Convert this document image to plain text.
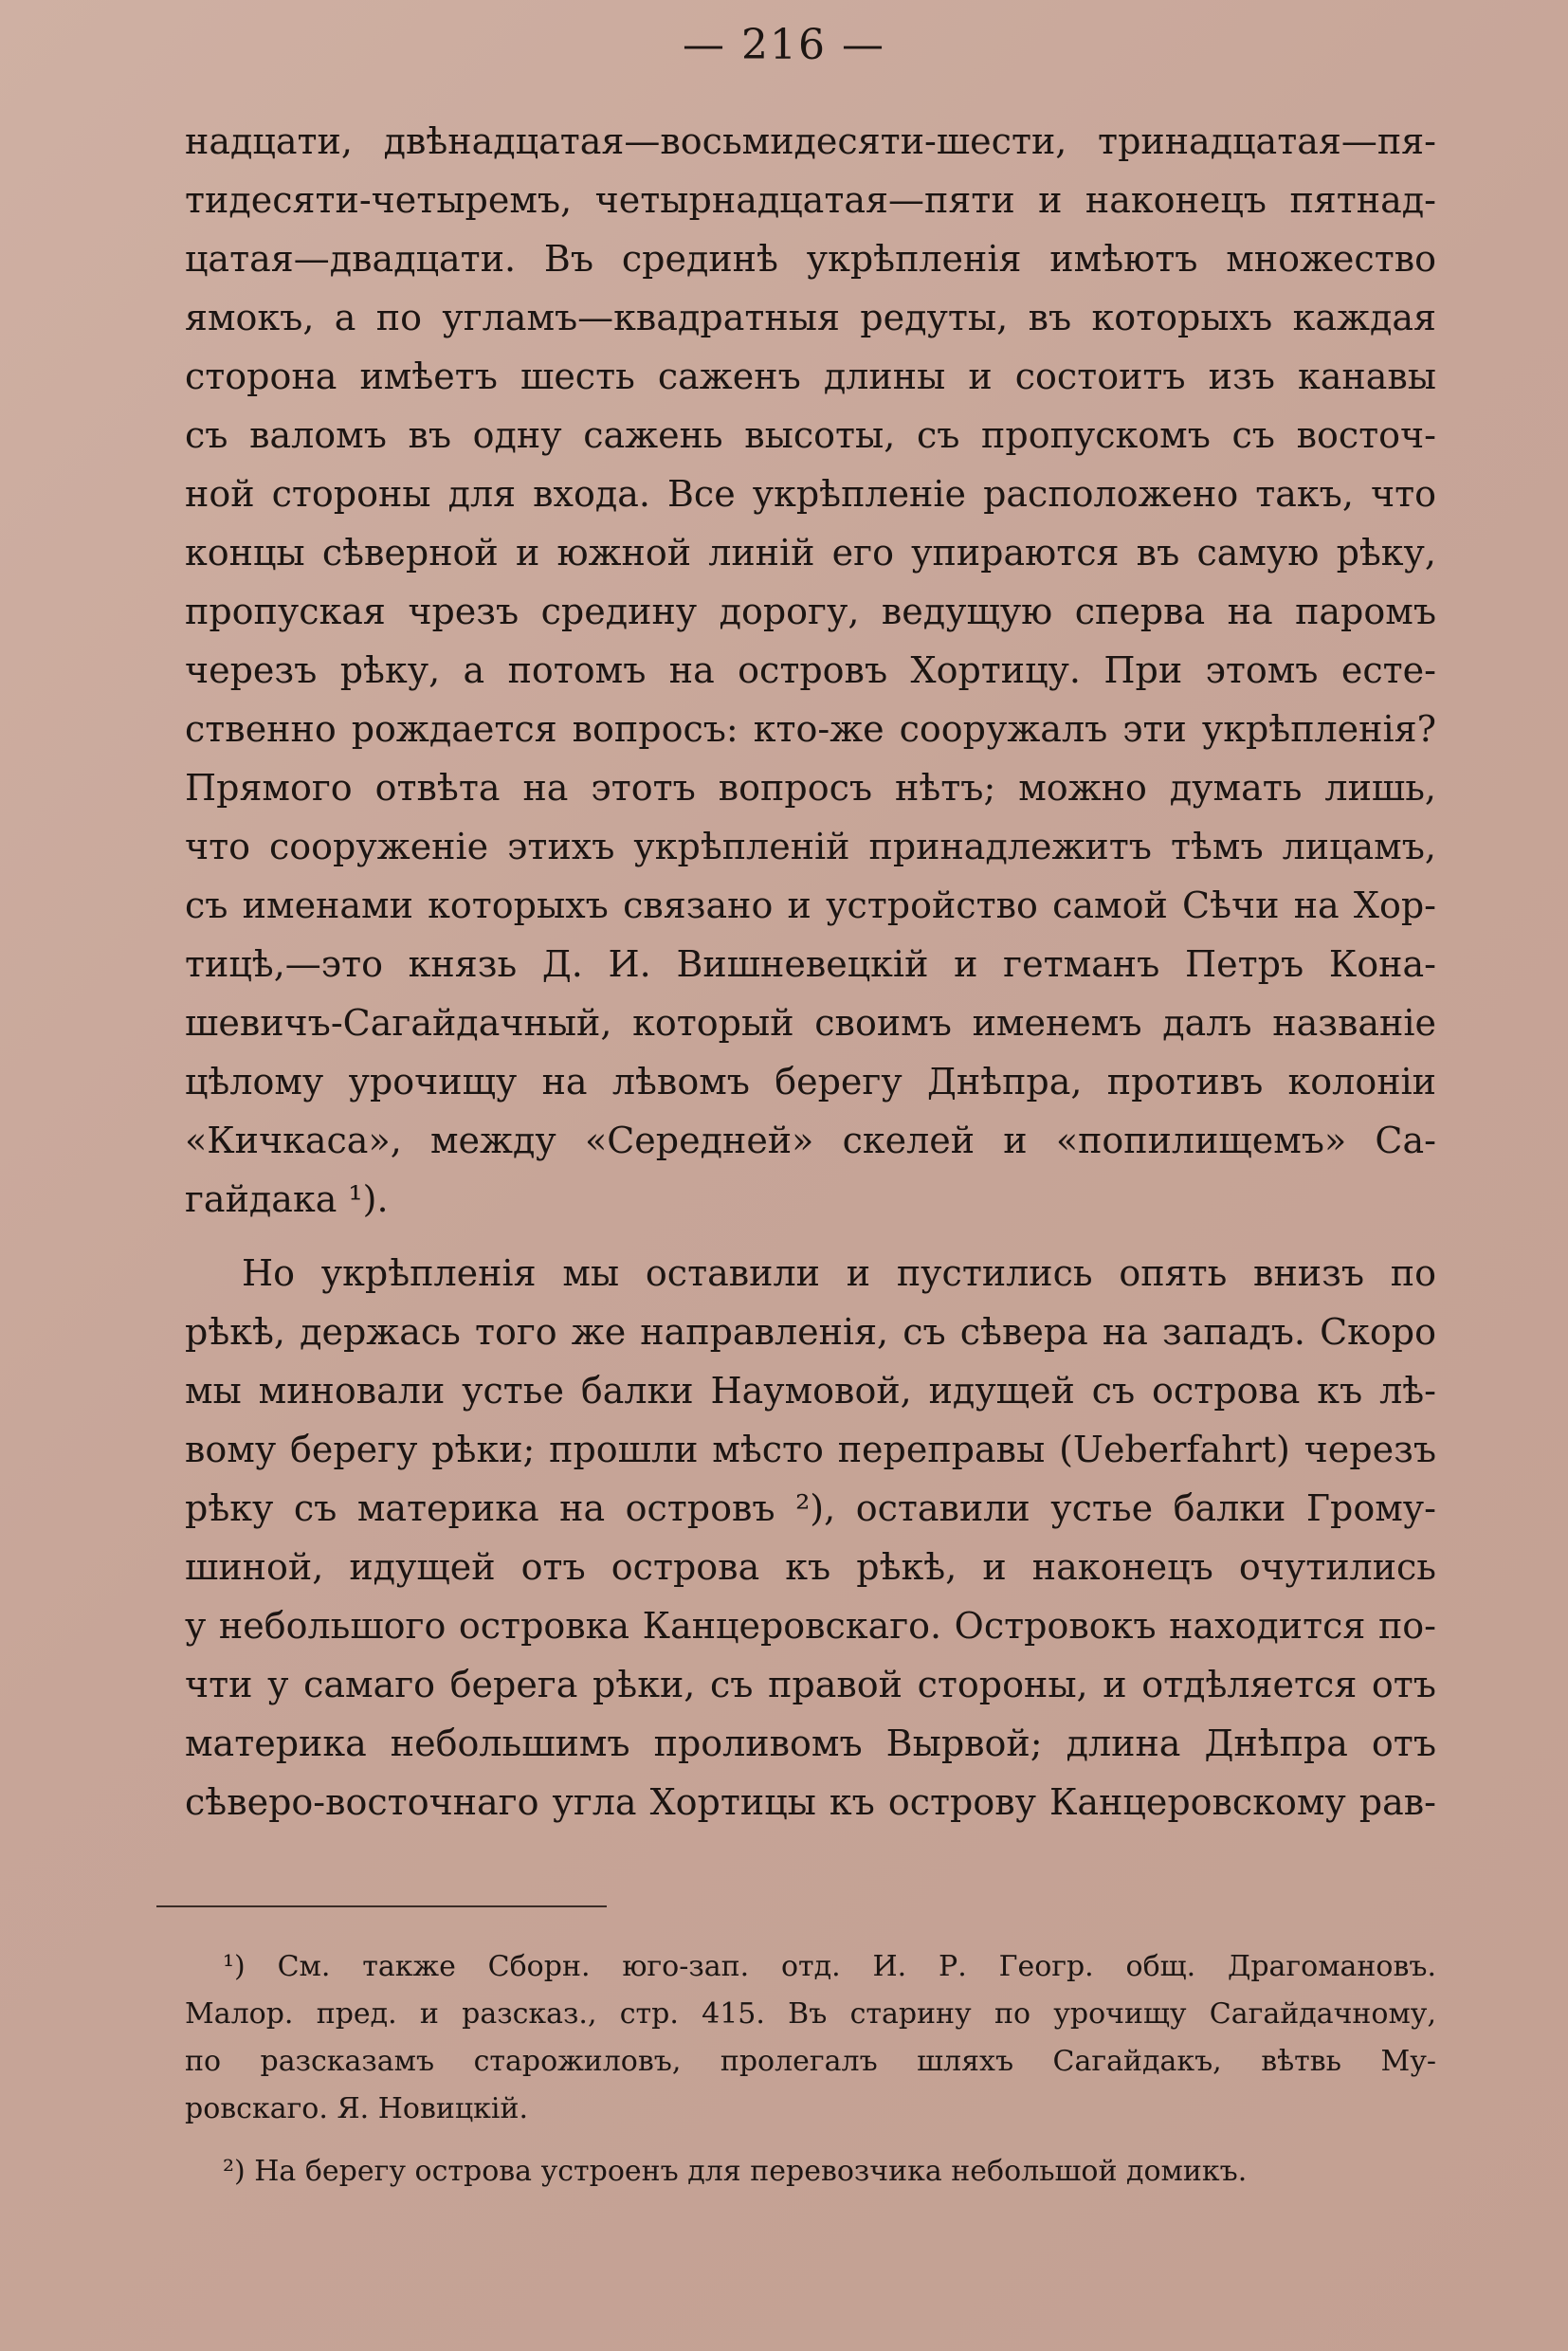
— 216 —
надцати, двѣнадцатая—восьмидесяти-шести, тринадцатая—пя-
тидесяти-четыремъ, четырнадцатая—пяти и наконецъ пятнад-
цатая—двадцати. Въ срединѣ укрѣпленія имѣютъ множество
ямокъ, а по угламъ—квадратныя редуты, въ которыхъ каждая
сторона имѣетъ шесть саженъ длины и состоитъ изъ канавы
съ валомъ въ одну сажень высоты, съ пропускомъ съ восточ-
ной стороны для входа. Все укрѣпленіе расположено такъ, что
концы сѣверной и южной линій его упираются въ самую рѣку,
пропуская чрезъ средину дорогу, ведущую сперва на паромъ
черезъ рѣку, а потомъ на островъ Хортицу. При этомъ есте-
ственно рождается вопросъ: кто-же сооружалъ эти укрѣпленія?
Прямого отвѣта на этотъ вопросъ нѣтъ; можно думать лишь,
что сооруженіе этихъ укрѣпленій принадлежитъ тѣмъ лицамъ,
съ именами которыхъ связано и устройство самой Сѣчи на Хор-
тицѣ,—это князь Д. И. Вишневецкій и гетманъ Петръ Кона-
шевичъ-Сагайдачный, который своимъ именемъ далъ названіе
цѣлому урочищу на лѣвомъ берегу Днѣпра, противъ колоніи
«Кичкаса», между «Середней» скелей и «попилищемъ» Са-
гайдака ¹).
Но укрѣпленія мы оставили и пустились опять внизъ по
рѣкѣ, держась того же направленія, съ сѣвера на западъ. Скоро
мы миновали устье балки Наумовой, идущей съ острова къ лѣ-
вому берегу рѣки; прошли мѣсто переправы (Ueberfahrt) черезъ
рѣку съ материка на островъ ²), оставили устье балки Грому-
шиной, идущей отъ острова къ рѣкѣ, и наконецъ очутились
у небольшого островка Канцеровскаго. Островокъ находится по-
чти у самаго берега рѣки, съ правой стороны, и отдѣляется отъ
материка небольшимъ проливомъ Вырвой; длина Днѣпра отъ
сѣверо-восточнаго угла Хортицы къ острову Канцеровскому рав-
¹) См. также Сборн. юго-зап. отд. И. Р. Геогр. общ. Драгомановъ.
Малор. пред. и разсказ., стр. 415. Въ старину по урочищу Сагайдачному,
по разсказамъ старожиловъ, пролегалъ шляхъ Сагайдакъ, вѣтвь Му-
ровскаго. Я. Новицкій.
²) На берегу острова устроенъ для перевозчика небольшой домикъ.
